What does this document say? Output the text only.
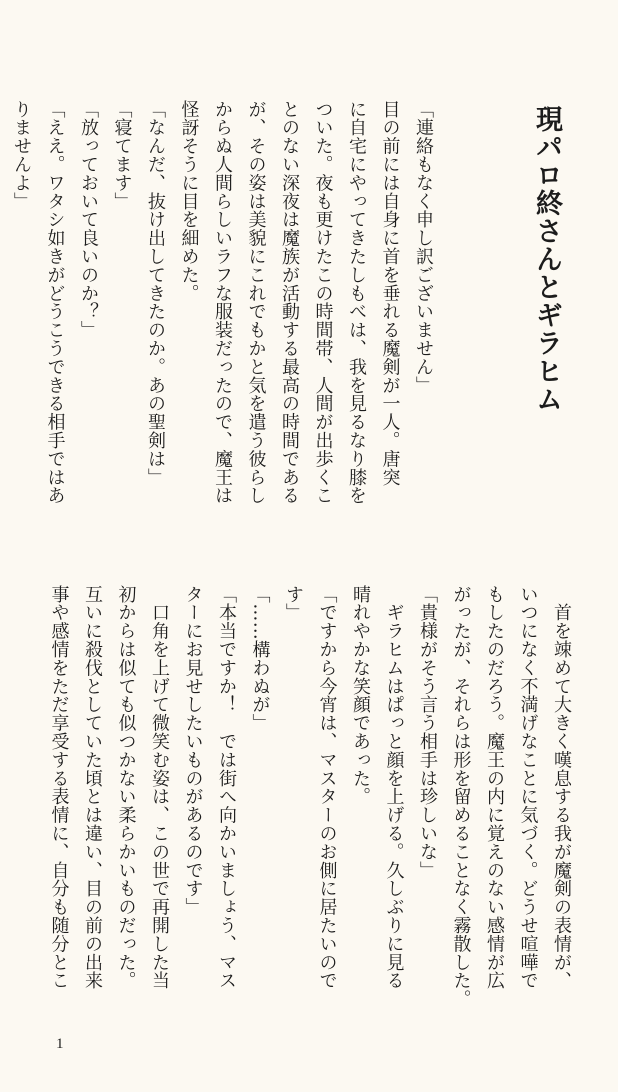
現パロ終さんとギラヒム
「連絡もなく申し訳ございません」
目の前には自身に首を垂れる魔剣が一人。唐突
に自宅にやってきたしもべは、我を見るなり膝を
ついた。夜も更けたこの時間帯、人間が出歩くこ
とのない深夜は魔族が活動する最高の時間である
が、その姿は美貌にこれでもかと気を遣う彼らし
からぬ人間らしいラフな服装だったので、魔王は
怪訝そうに目を細めた。
「なんだ、抜け出してきたのか。あの聖剣は」
「寝てます」
「放っておいて良いのか？」
「ええ。ワタシ如きがどうこうできる相手ではあ
りませんよ」
　首を竦めて大きく嘆息する我が魔剣の表情が、
いつになく不満げなことに気づく。どうせ喧嘩で
もしたのだろう。魔王の内に覚えのない感情が広
がったが、それらは形を留めることなく霧散した。
「貴様がそう言う相手は珍しいな」
　ギラヒムはぱっと顔を上げる。久しぶりに見る
晴れやかな笑顔であった。
「ですから今宵は、マスターのお側に居たいので
す」
「……構わぬが」
「本当ですか！　では街へ向かいましょう、マス
ターにお見せしたいものがあるのです」
　口角を上げて微笑む姿は、この世で再開した当
初からは似ても似つかない柔らかいものだった。
互いに殺伐としていた頃とは違い、目の前の出来
事や感情をただ享受する表情に、自分も随分とこ

1
